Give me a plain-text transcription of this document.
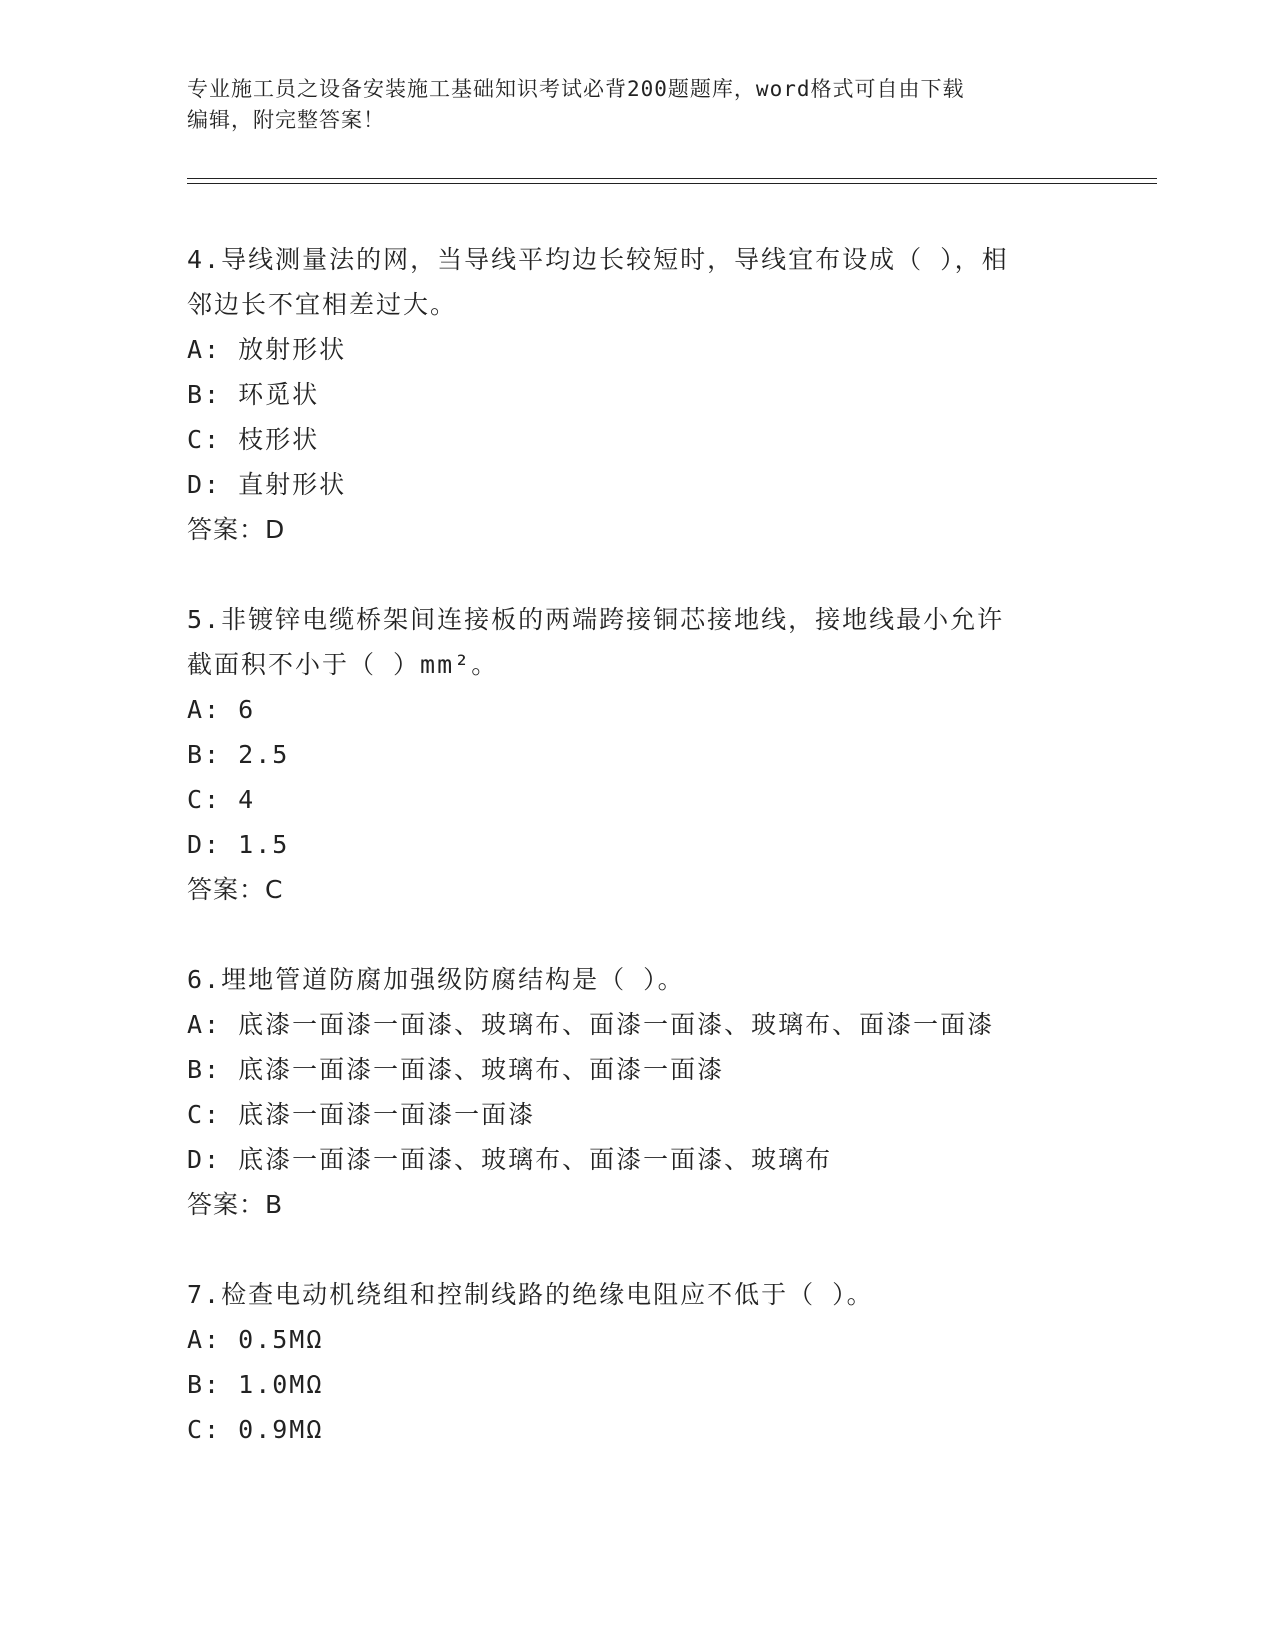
专业施工员之设备安装施工基础知识考试必背200题题库，word格式可自由下载
编辑，附完整答案！
4.导线测量法的网，当导线平均边长较短时，导线宜布设成（ ），相
邻边长不宜相差过大。
A: 放射形状
B: 环觅状
C: 枝形状
D: 直射形状
答案：D
5.非镀锌电缆桥架间连接板的两端跨接铜芯接地线，接地线最小允许
截面积不小于（ ）mm²。
A: 6
B: 2.5
C: 4
D: 1.5
答案：C
6.埋地管道防腐加强级防腐结构是（ ）。
A: 底漆一面漆一面漆、玻璃布、面漆一面漆、玻璃布、面漆一面漆
B: 底漆一面漆一面漆、玻璃布、面漆一面漆
C: 底漆一面漆一面漆一面漆
D: 底漆一面漆一面漆、玻璃布、面漆一面漆、玻璃布
答案：B
7.检查电动机绕组和控制线路的绝缘电阻应不低于（ ）。
A: 0.5MΩ
B: 1.0MΩ
C: 0.9MΩ
